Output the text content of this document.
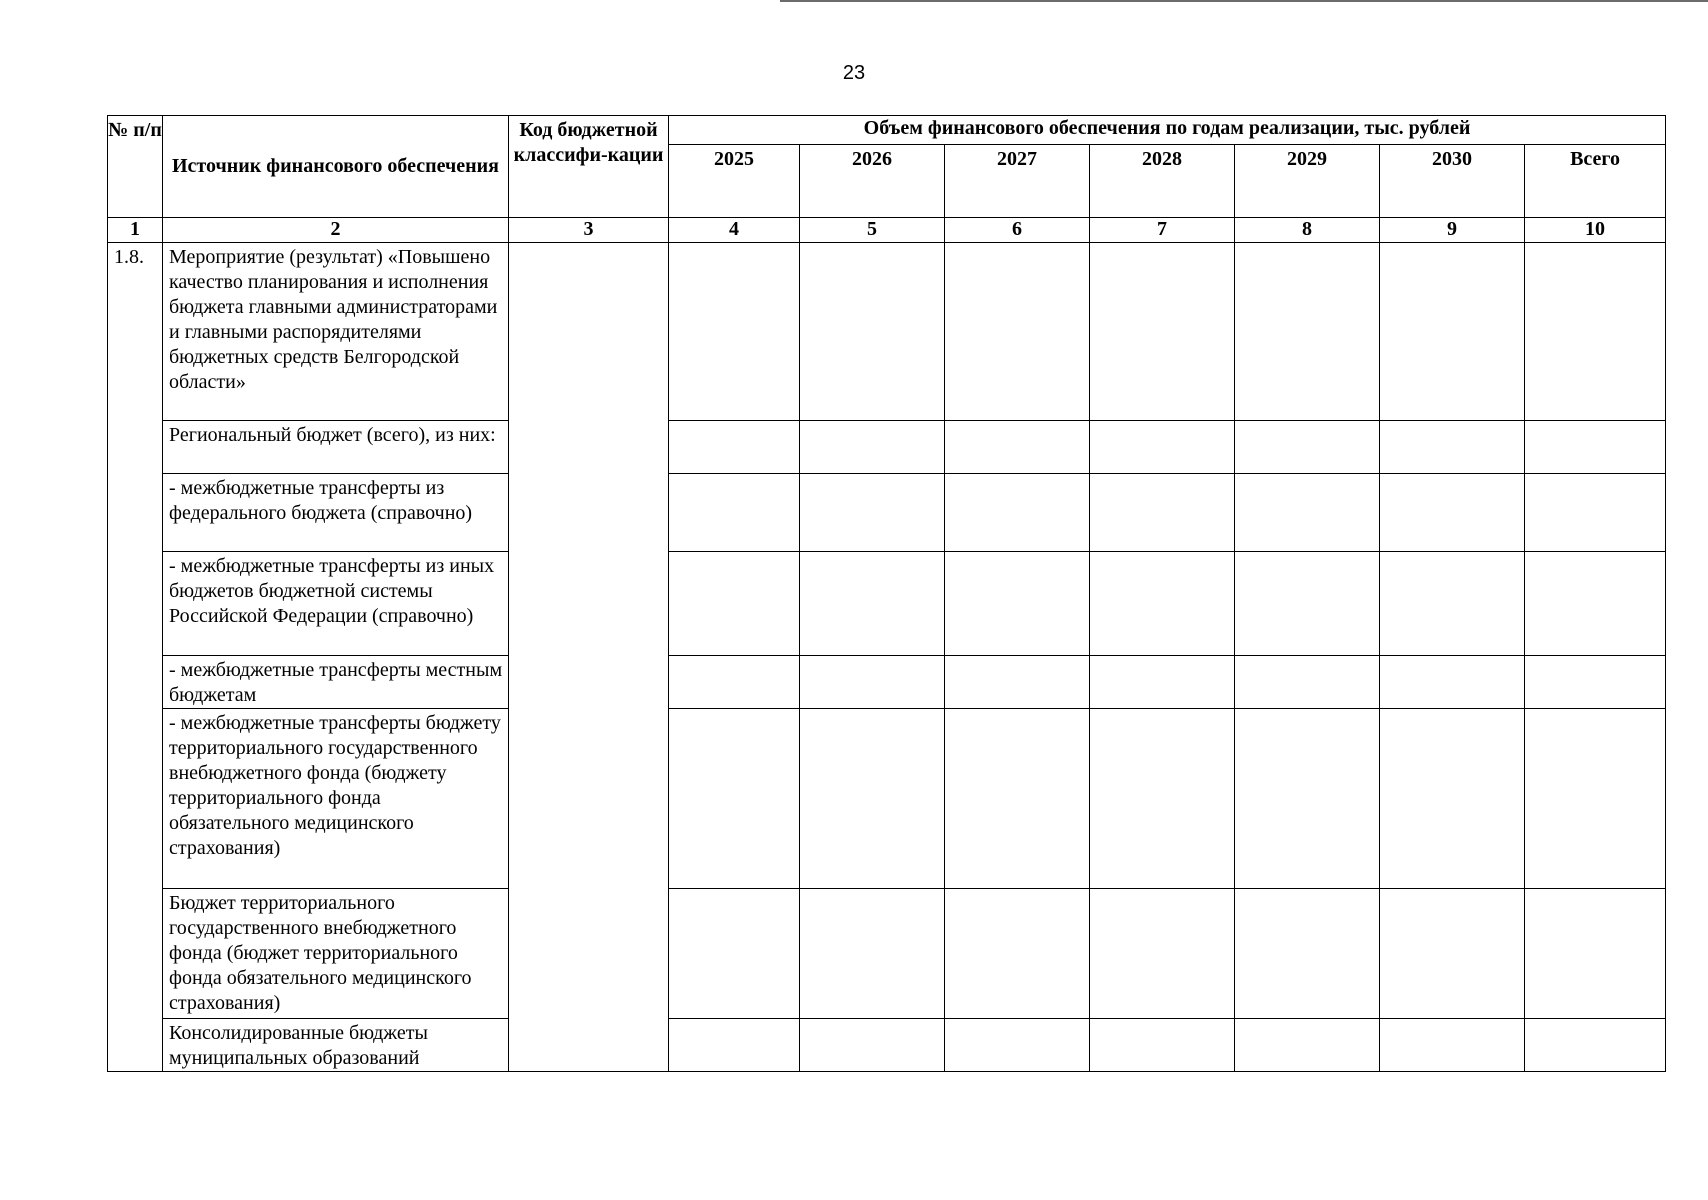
23
№ п/п	Источник финансового обеспечения	Код бюджетной классифи-кации	Объем финансового обеспечения по годам реализации, тыс. рублей						
			2025	2026	2027	2028	2029	2030	Всего
1	2	3	4	5	6	7	8	9	10
1.8.	Мероприятие (результат) «Повышено качество планирования и исполнения бюджета главными администраторами и главными распорядителями бюджетных средств Белгородской области»								
	Региональный бюджет (всего), из них:								
	- межбюджетные трансферты из федерального бюджета (справочно)								
	- межбюджетные трансферты из иных бюджетов бюджетной системы Российской Федерации (справочно)								
	- межбюджетные трансферты местным бюджетам								
	- межбюджетные трансферты бюджету территориального государственного внебюджетного фонда (бюджету территориального фонда обязательного медицинского страхования)								
	Бюджет территориального государственного внебюджетного фонда (бюджет территориального фонда обязательного медицинского страхования)								
	Консолидированные бюджеты муниципальных образований								
